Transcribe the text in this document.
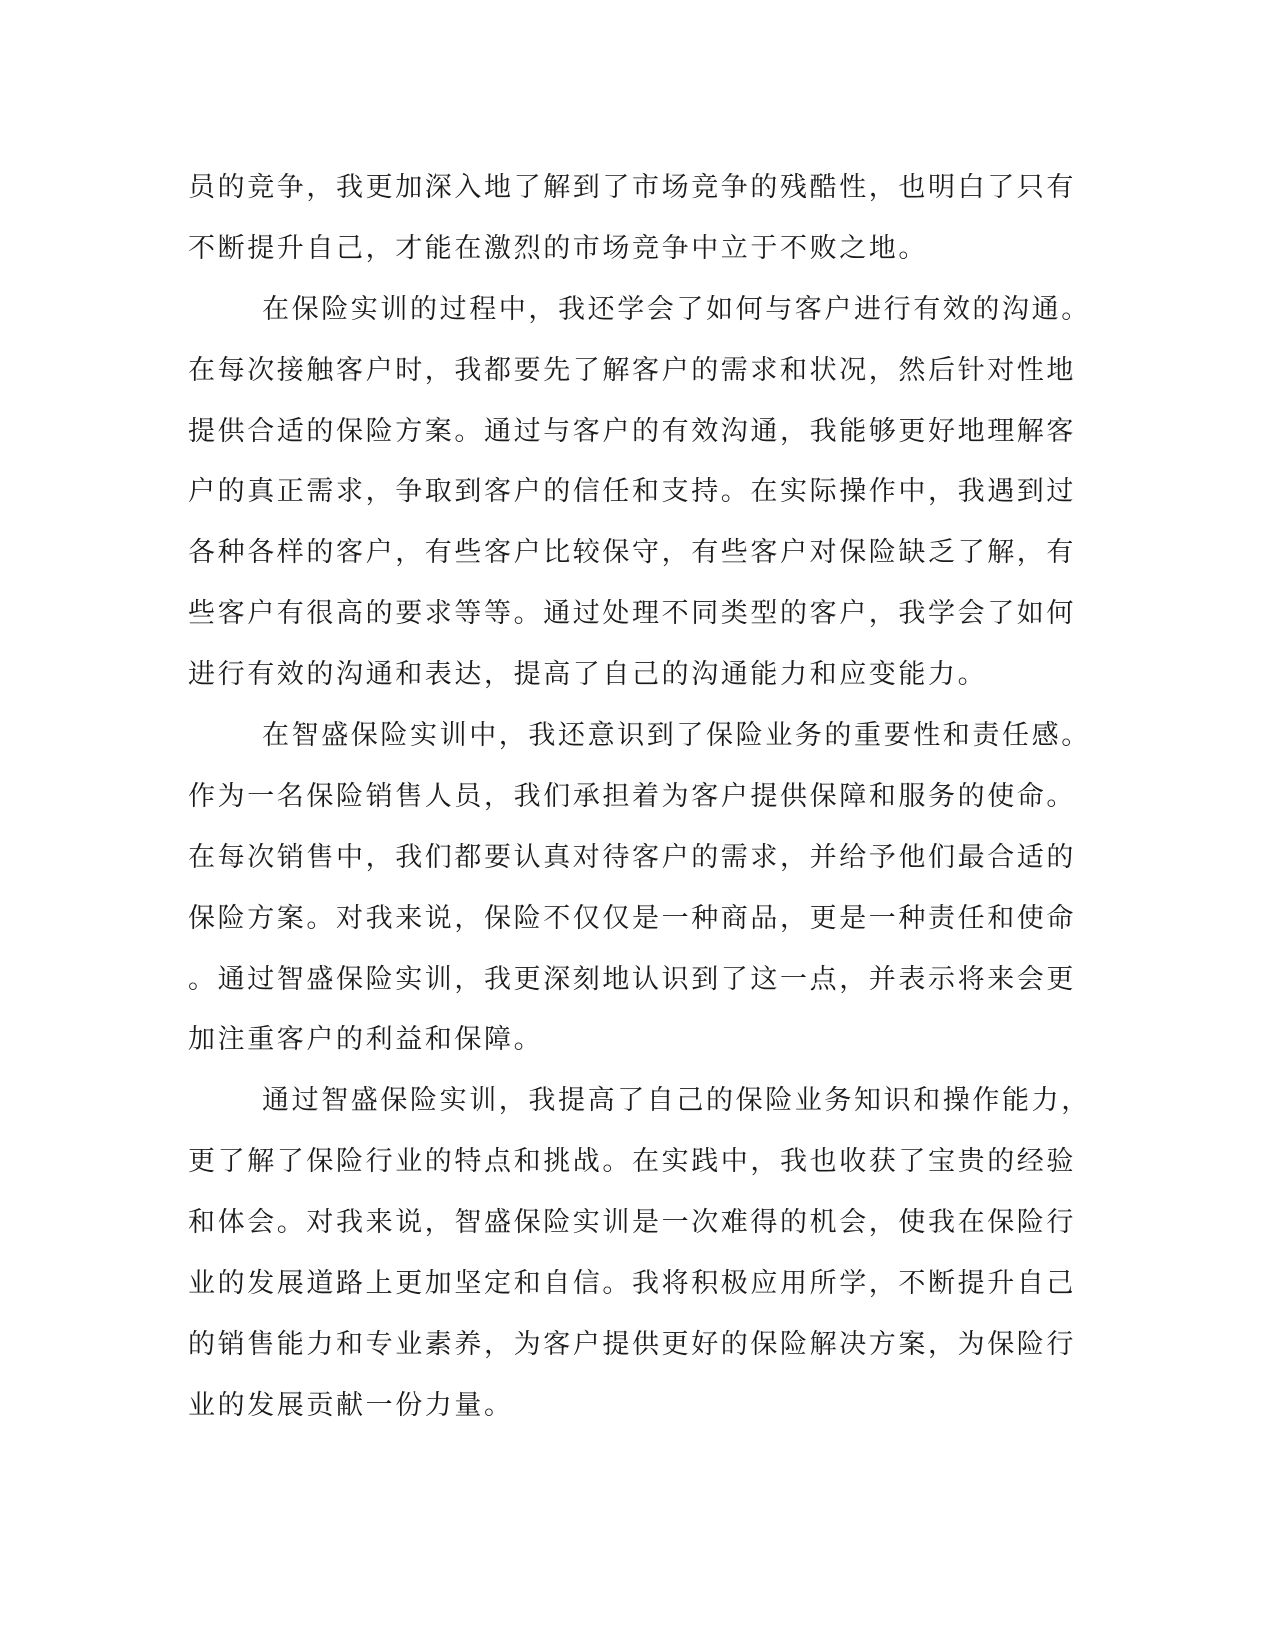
员的竞争，我更加深入地了解到了市场竞争的残酷性，也明白了只有
不断提升自己，才能在激烈的市场竞争中立于不败之地。
在保险实训的过程中，我还学会了如何与客户进行有效的沟通。
在每次接触客户时，我都要先了解客户的需求和状况，然后针对性地
提供合适的保险方案。通过与客户的有效沟通，我能够更好地理解客
户的真正需求，争取到客户的信任和支持。在实际操作中，我遇到过
各种各样的客户，有些客户比较保守，有些客户对保险缺乏了解，有
些客户有很高的要求等等。通过处理不同类型的客户，我学会了如何
进行有效的沟通和表达，提高了自己的沟通能力和应变能力。
在智盛保险实训中，我还意识到了保险业务的重要性和责任感。
作为一名保险销售人员，我们承担着为客户提供保障和服务的使命。
在每次销售中，我们都要认真对待客户的需求，并给予他们最合适的
保险方案。对我来说，保险不仅仅是一种商品，更是一种责任和使命
。通过智盛保险实训，我更深刻地认识到了这一点，并表示将来会更
加注重客户的利益和保障。
通过智盛保险实训，我提高了自己的保险业务知识和操作能力，
更了解了保险行业的特点和挑战。在实践中，我也收获了宝贵的经验
和体会。对我来说，智盛保险实训是一次难得的机会，使我在保险行
业的发展道路上更加坚定和自信。我将积极应用所学，不断提升自己
的销售能力和专业素养，为客户提供更好的保险解决方案，为保险行
业的发展贡献一份力量。
